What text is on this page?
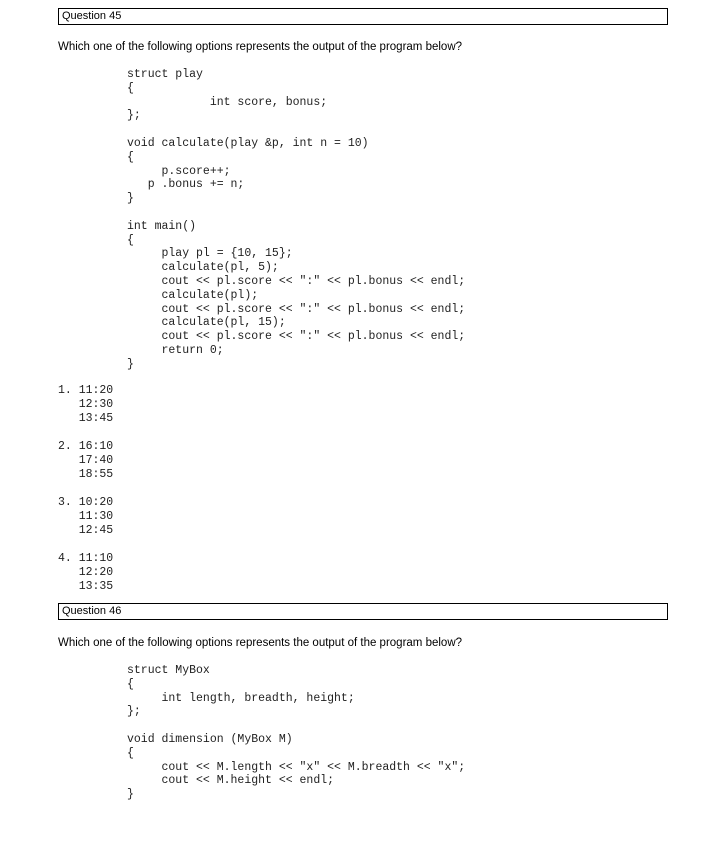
Question 45
Which one of the following options represents the output of the program below?
struct play
{
int score, bonus;
};

void calculate(play &p, int n = 10)
{
p.score++;
p .bonus += n;
}

int main()
{
play pl = {10, 15};
calculate(pl, 5);
cout << pl.score << ":" << pl.bonus << endl;
calculate(pl);
cout << pl.score << ":" << pl.bonus << endl;
calculate(pl, 15);
cout << pl.score << ":" << pl.bonus << endl;
return 0;
}
1. 11:20
12:30
13:45
2. 16:10
17:40
18:55
3. 10:20
11:30
12:45
4. 11:10
12:20
13:35
Question 46
Which one of the following options represents the output of the program below?
struct MyBox
{
int length, breadth, height;
};

void dimension (MyBox M)
{
cout << M.length << "x" << M.breadth << "x";
cout << M.height << endl;
}
